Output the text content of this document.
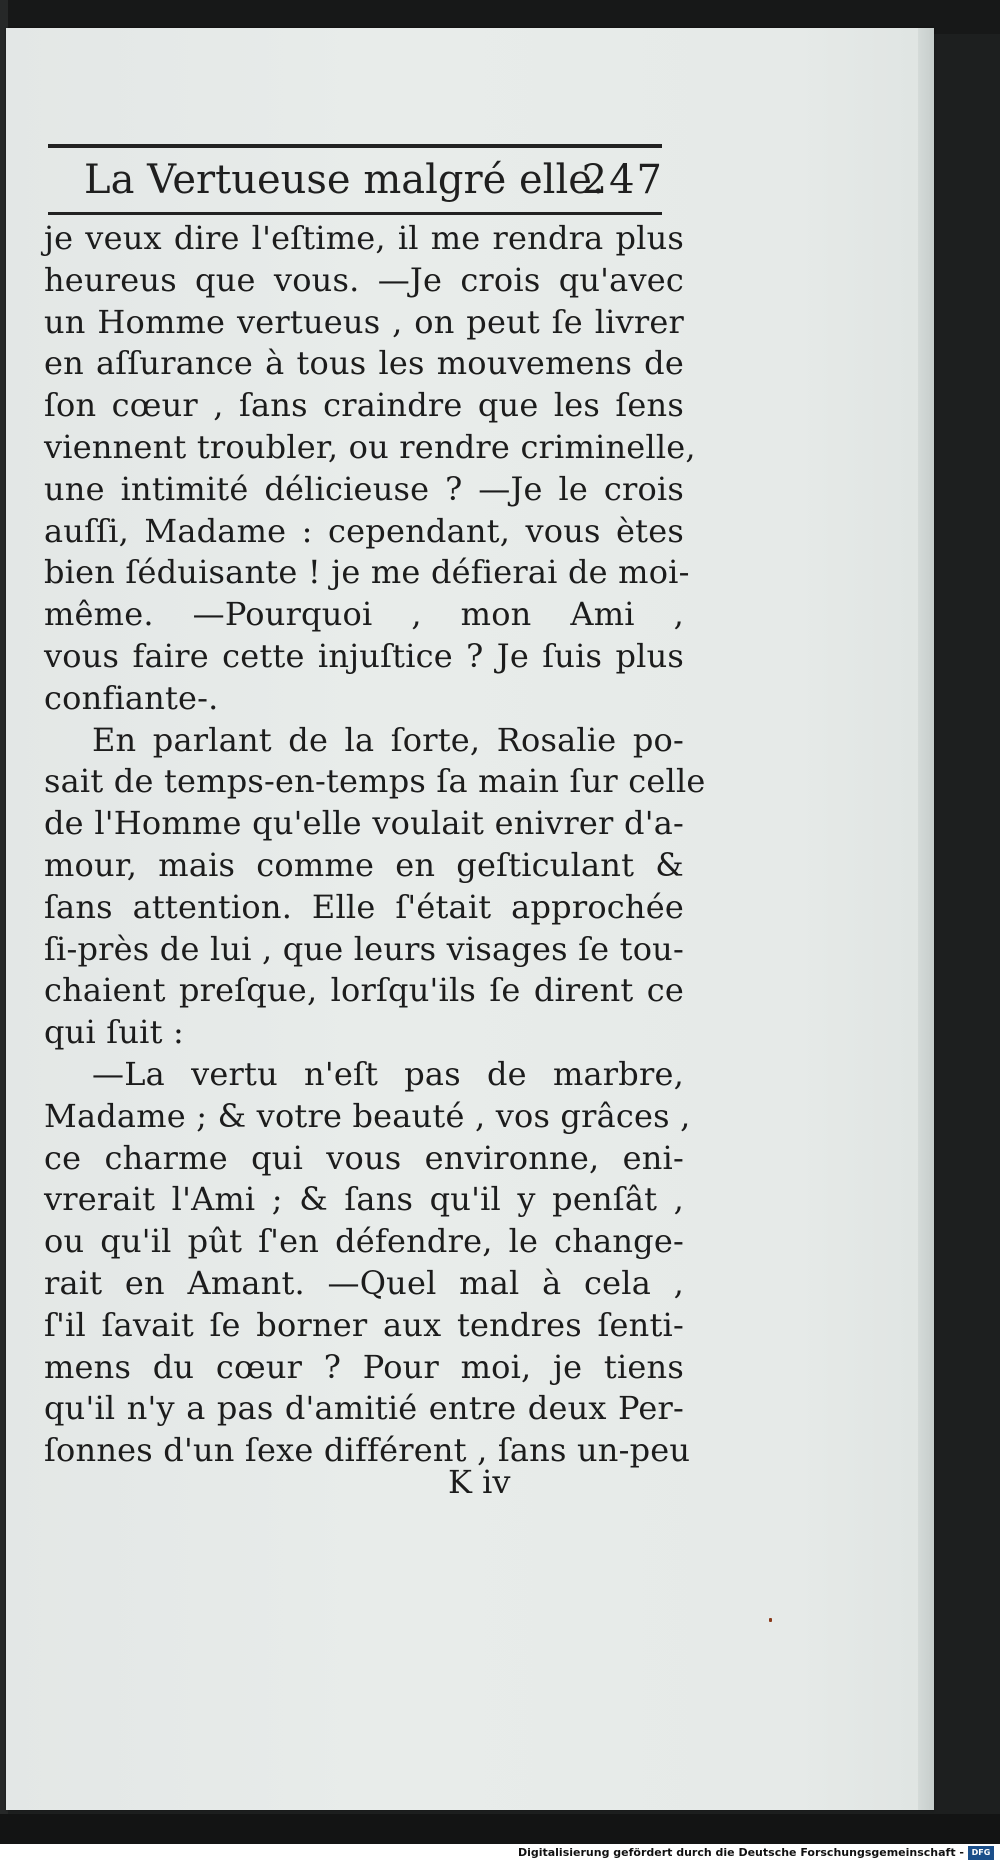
La Vertueuse malgré elle.
247
je veux dire l'eſtime, il me rendra plus
heureus que vous. —Je crois qu'avec
un Homme vertueus , on peut ſe livrer
en aſſurance à tous les mouvemens de
ſon cœur , ſans craindre que les ſens
viennent troubler, ou rendre criminelle,
une intimité délicieuse ? —Je le crois
auſſi, Madame : cependant, vous ètes
bien ſéduisante ! je me défierai de moi-
même. —Pourquoi , mon Ami ,
vous faire cette injuſtice ? Je ſuis plus
confiante-.
En parlant de la ſorte, Rosalie po-
sait de temps-en-temps ſa main ſur celle
de l'Homme qu'elle voulait enivrer d'a-
mour, mais comme en geſticulant &
ſans attention. Elle ſ'était approchée
ſi-près de lui , que leurs visages ſe tou-
chaient preſque, lorſqu'ils ſe dirent ce
qui ſuit :
—La vertu n'eſt pas de marbre,
Madame ; & votre beauté , vos grâces ,
ce charme qui vous environne, eni-
vrerait l'Ami ; & ſans qu'il y penſât ,
ou qu'il pût ſ'en défendre, le change-
rait en Amant. —Quel mal à cela ,
ſ'il ſavait ſe borner aux tendres ſenti-
mens du cœur ? Pour moi, je tiens
qu'il n'y a pas d'amitié entre deux Per-
ſonnes d'un ſexe différent , ſans un-peu
K iv
Digitalisierung gefördert durch die Deutsche Forschungsgemeinschaft - DFG
